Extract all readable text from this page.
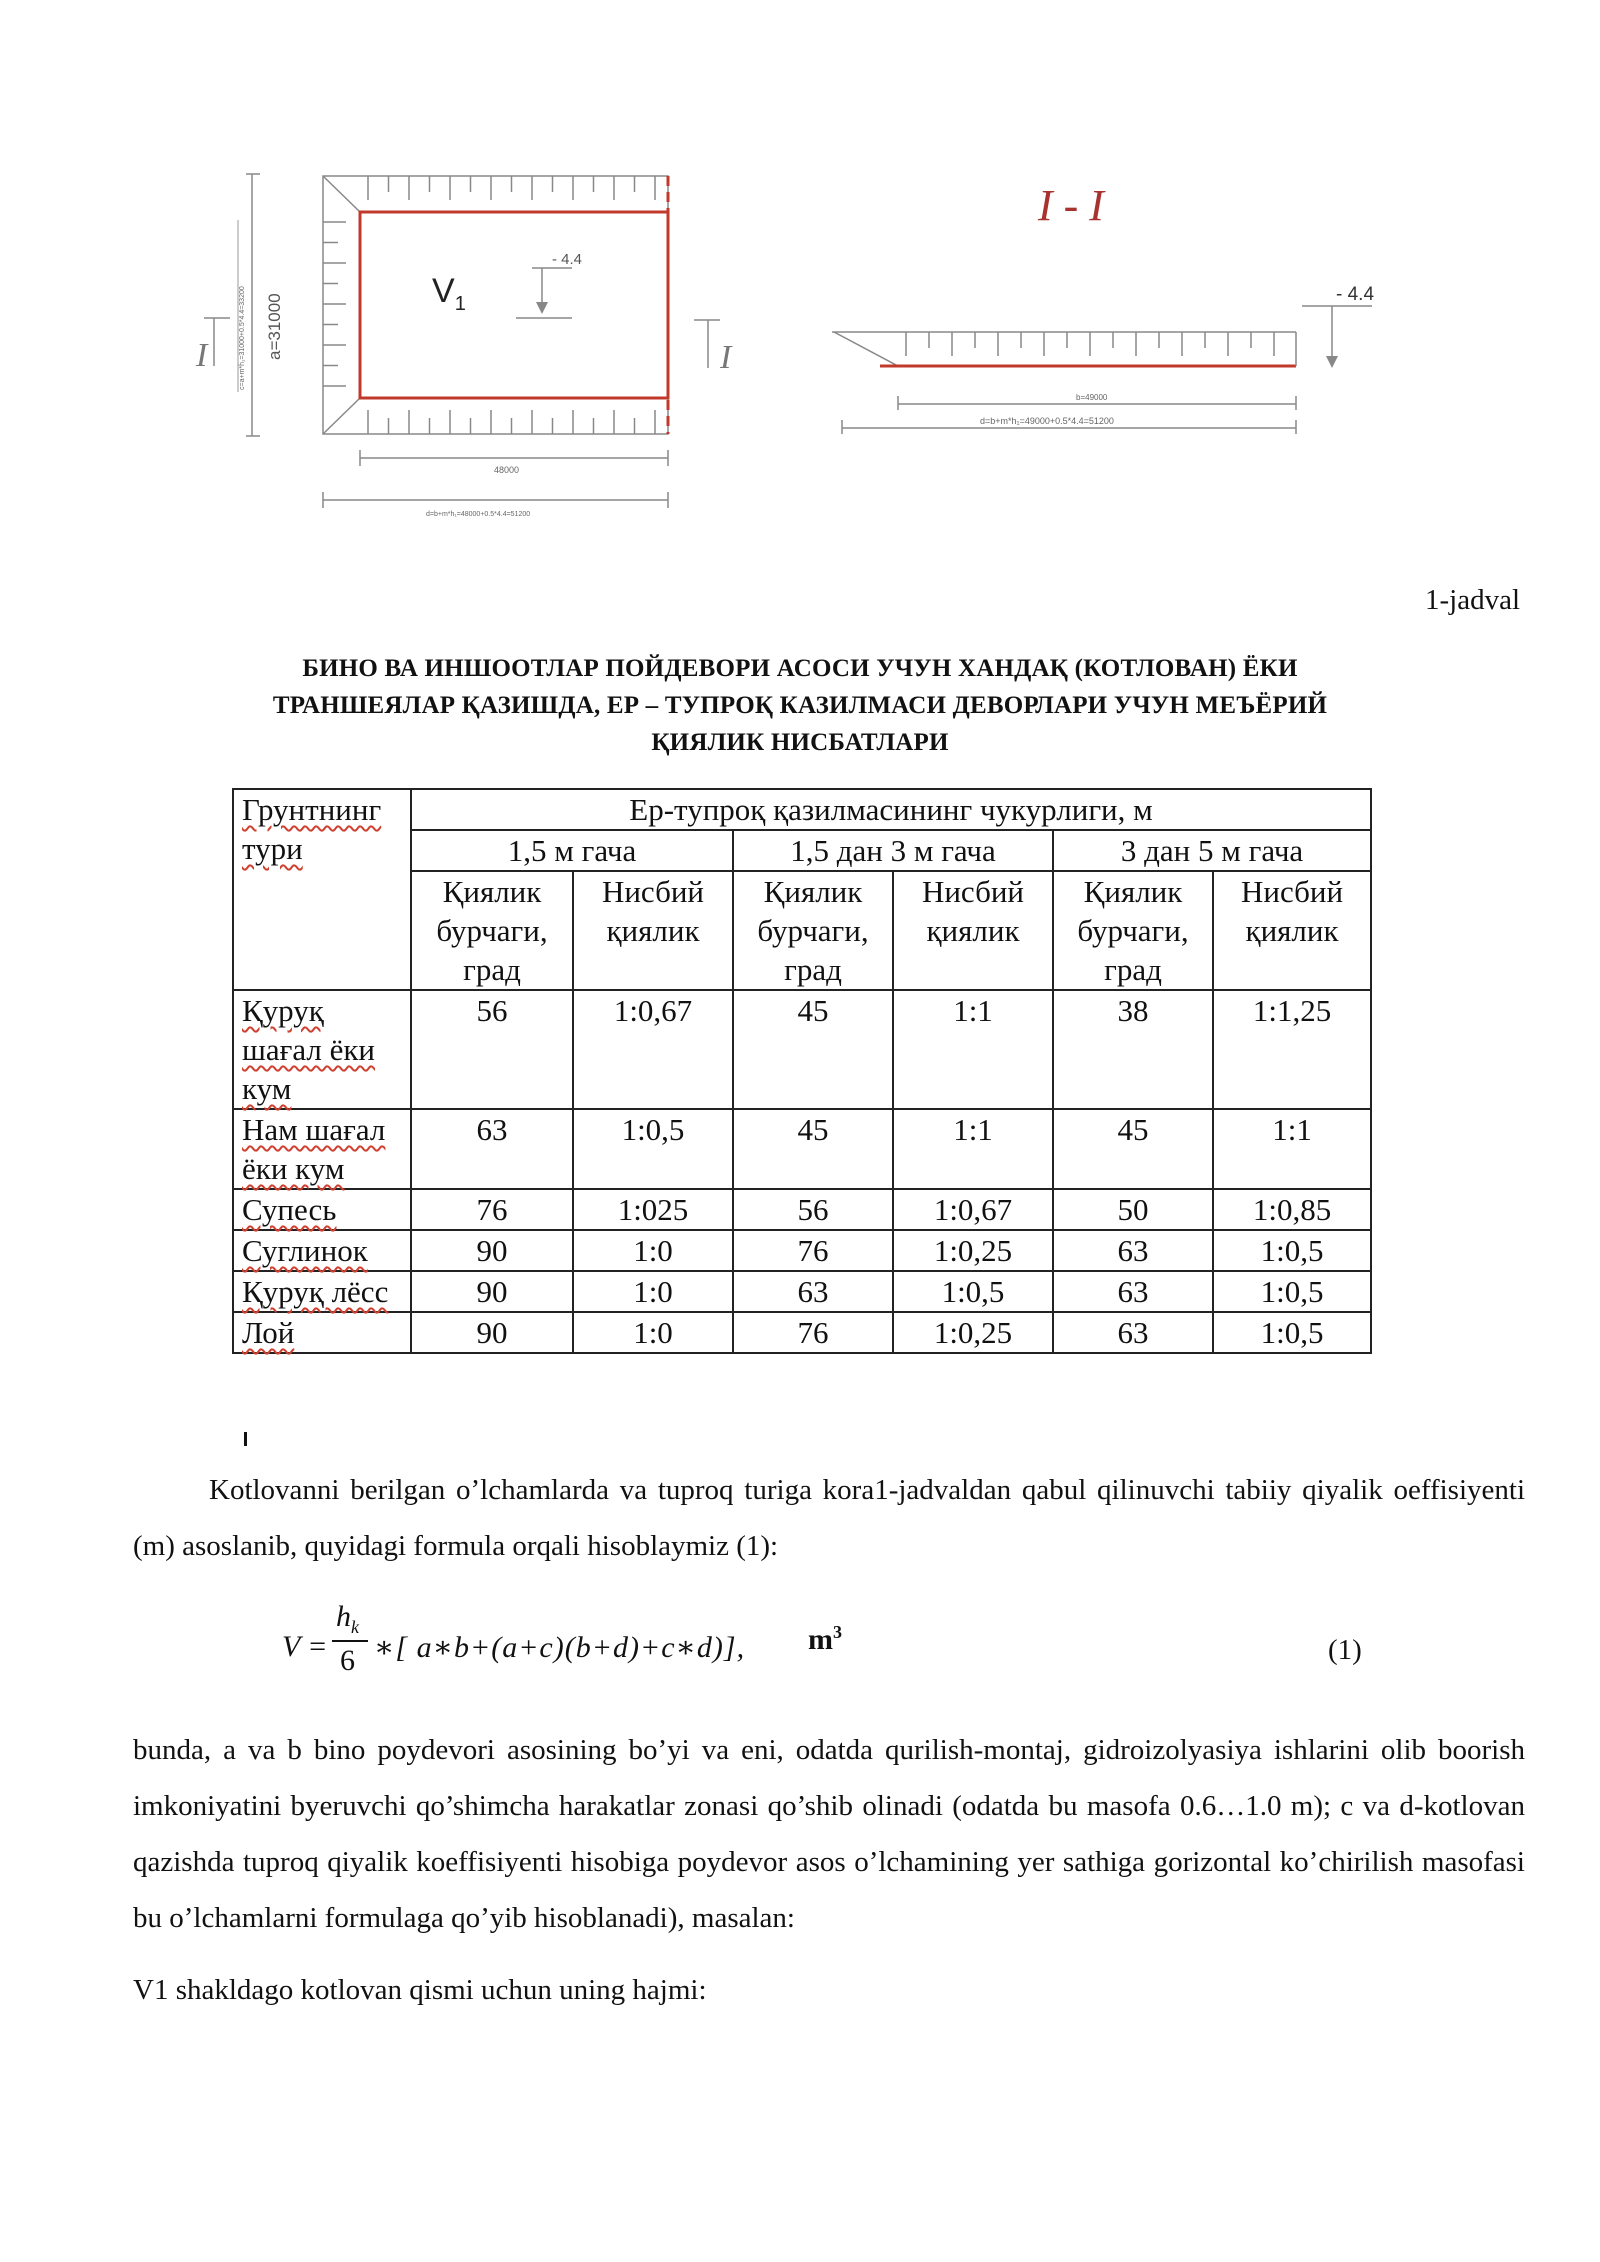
a=31000
c=a+m*h₁=31000+0.5*4.4=33200	$V_1$
- 4.4
I	I
48000
d=b+m*h₁=48000+0.5*4.4=51200
I - I
- 4.4
b=49000
d=b+m*h₁=49000+0.5*4.4=51200
1-jadval
БИНО ВА ИНШООТЛАР ПОЙДЕВОРИ АСОСИ УЧУН ХАНДАҚ (КОТЛОВАН) ЁКИ
ТРАНШЕЯЛАР ҚАЗИШДА, ЕР – ТУПРОҚ КАЗИЛМАСИ ДЕВОРЛАРИ УЧУН МЕЪЁРИЙ
ҚИЯЛИК НИСБАТЛАРИ
Грунтнинг тури	Ер-тупроқ қазилмасининг чукурлиги, м					
	1,5 м гача		1,5 дан 3 м гача		3 дан 5 м гача	
	Қиялик бурчаги, град	Нисбий қиялик	Қиялик бурчаги, град	Нисбий қиялик	Қиялик бурчаги, град	Нисбий қиялик
Қуруқ шағал ёки кум	56	1:0,67	45	1:1	38	1:1,25
Нам шағал ёки кум	63	1:0,5	45	1:1	45	1:1
Супесь	76	1:025	56	1:0,67	50	1:0,85
Суглинок	90	1:0	76	1:0,25	63	1:0,5
Қуруқ лёсс	90	1:0	63	1:0,5	63	1:0,5
Лой	90	1:0	76	1:0,25	63	1:0,5
Kotlovanni berilgan o’lchamlarda va tuproq turiga kora1-jadvaldan qabul qilinuvchi tabiiy qiyalik oeffisiyenti (m) asoslanib, quyidagi formula orqali hisoblaymiz (1):
V =
$h_k$
6 ∗[ a∗b+(a+c)(b+d)+c∗d)], $m^3$
(1)
bunda, a va b bino poydevori asosining bo’yi va eni, odatda qurilish-montaj, gidroizolyasiya ishlarini olib boorish imkoniyatini byeruvchi qo’shimcha harakatlar zonasi qo’shib olinadi (odatda bu masofa 0.6…1.0 m); c va d-kotlovan qazishda tuproq qiyalik koeffisiyenti hisobiga poydevor asos o’lchamining yer sathiga gorizontal ko’chirilish masofasi bu o’lchamlarni formulaga qo’yib hisoblanadi), masalan:
V1 shakldago kotlovan qismi uchun uning hajmi:
